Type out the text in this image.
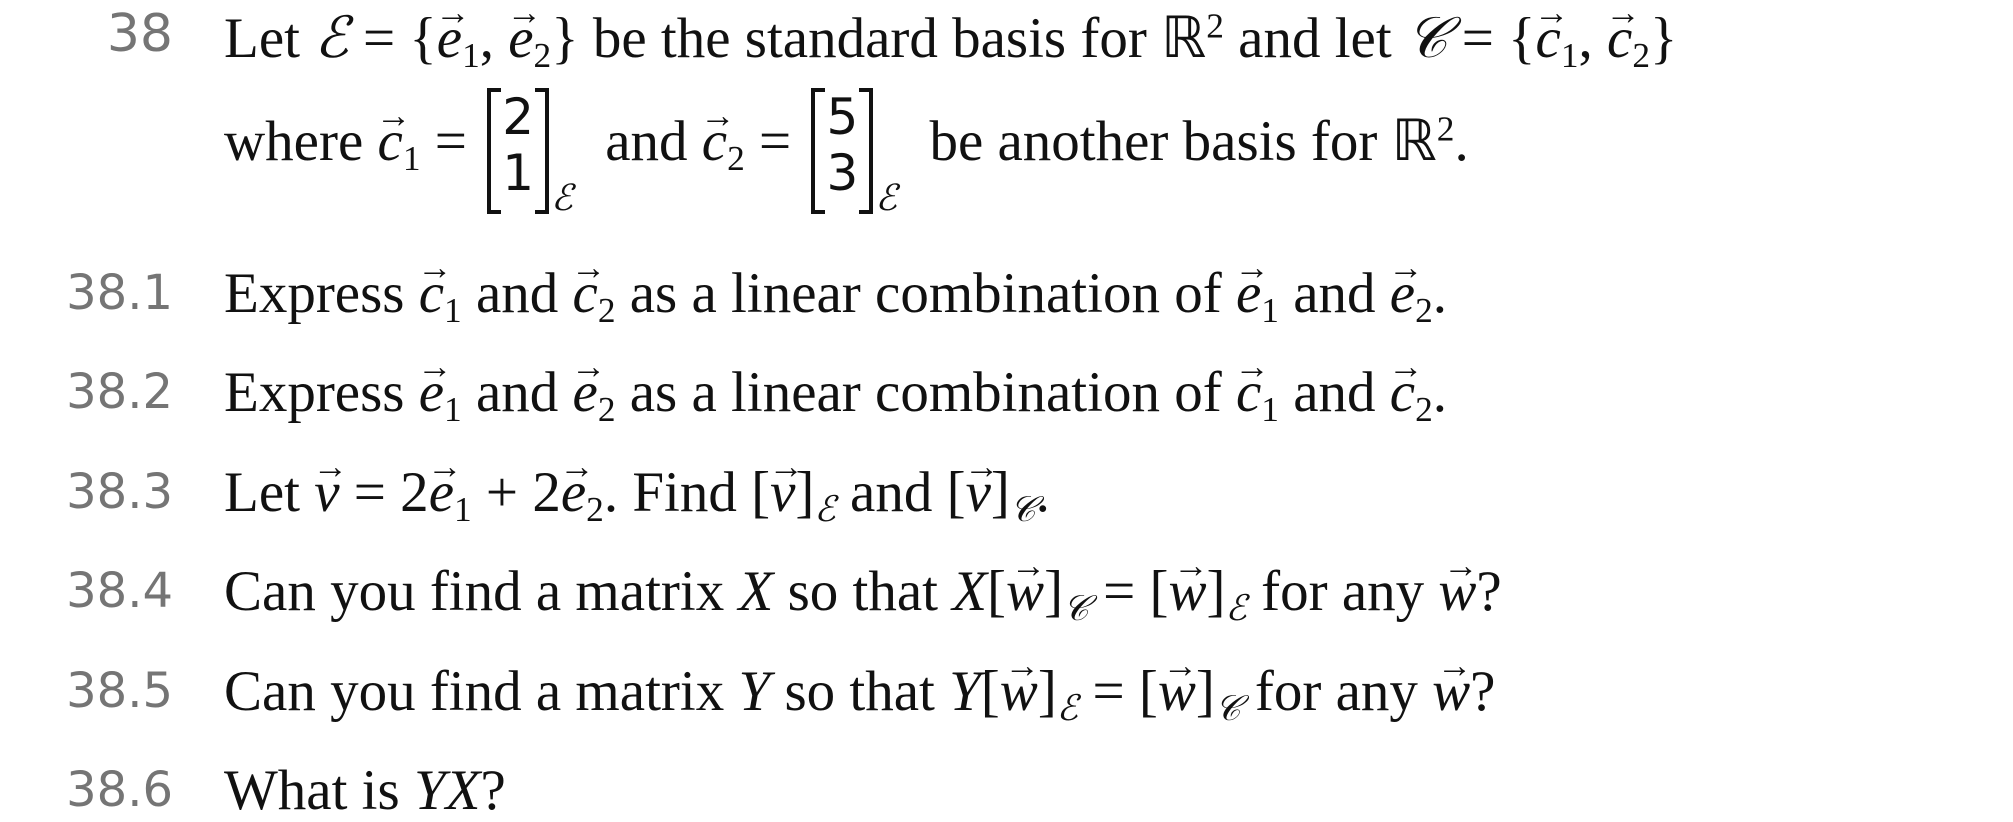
38 Let ℰ = {→ $e_1$, → $e_2$} be the standard basis for ℝ$^2$ and let 𝒞 = {→ $c_1$, → $c_2$}
where → $c_1 = 2$
1 ℰ and → $c_2 = 5$
3 ℰ be another basis for ℝ$^2$.
38.1 Express → $c_1$ and → $c_2$ as a linear combination of → $e_1$ and → $e_2$.
38.2 Express → $e_1$ and → $e_2$ as a linear combination of → $c_1$ and → $c_2$.
38.3 Let → $v = 2\to e_1 + 2\to e_2$. Find [→ $v]_ℰ$ and [→ $v]_𝒞$.
38.4 Can you find a matrix X so that $X[\to w]_𝒞$ = [→ $w]_ℰ$ for any → w?
38.5 Can you find a matrix Y so that $Y[\to w]_ℰ$ = [→ $w]_𝒞$ for any → w?
38.6 What is YX?
